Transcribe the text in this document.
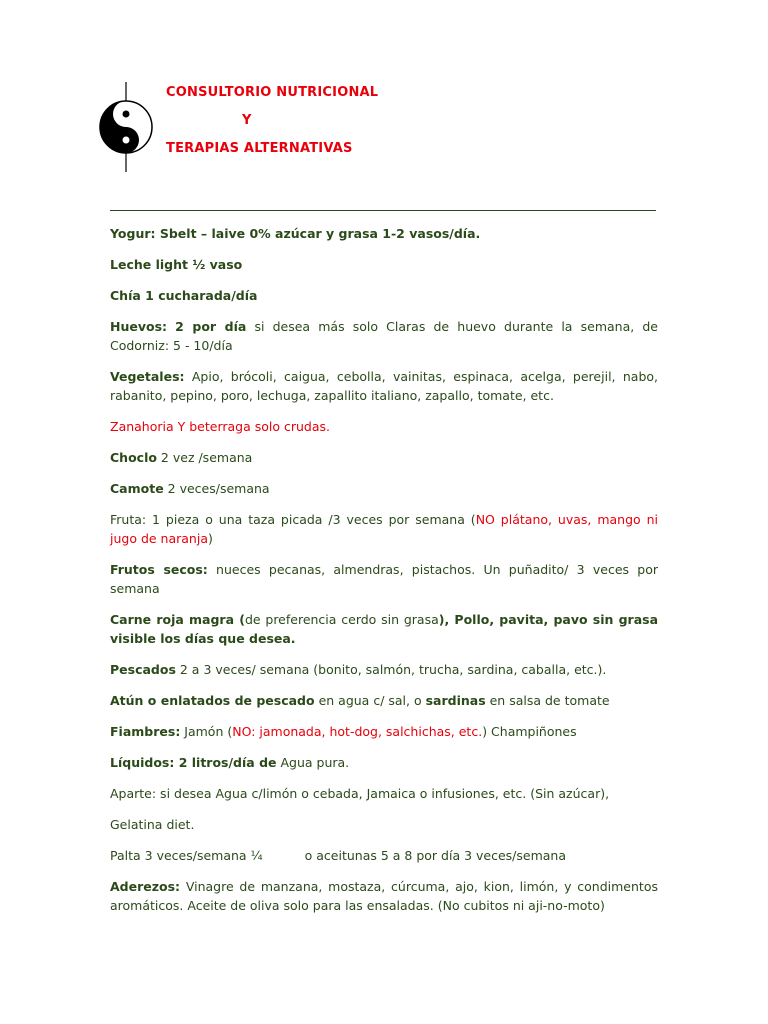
CONSULTORIO NUTRICIONAL
Y
TERAPIAS ALTERNATIVAS

Yogur: Sbelt – laive 0% azúcar y grasa 1-2 vasos/día.

Leche light ½ vaso

Chía 1 cucharada/día

Huevos: 2 por día si desea más solo Claras de huevo durante la semana, de Codorniz: 5 - 10/día

Vegetales: Apio, brócoli, caigua, cebolla, vainitas, espinaca, acelga, perejil, nabo, rabanito, pepino, poro, lechuga, zapallito italiano, zapallo, tomate, etc.

Zanahoria Y beterraga solo crudas.

Choclo 2 vez /semana

Camote 2 veces/semana

Fruta: 1 pieza o una taza picada /3 veces por semana (NO plátano, uvas, mango ni jugo de naranja)

Frutos secos: nueces pecanas, almendras, pistachos. Un puñadito/ 3 veces por semana

Carne roja magra (de preferencia cerdo sin grasa), Pollo, pavita, pavo sin grasa visible los días que desea.

Pescados 2 a 3 veces/ semana (bonito, salmón, trucha, sardina, caballa, etc.).

Atún o enlatados de pescado en agua c/ sal, o sardinas en salsa de tomate

Fiambres: Jamón (NO: jamonada, hot-dog, salchichas, etc.) Champiñones

Líquidos: 2 litros/día de Agua pura.

Aparte: si desea Agua c/limón o cebada, Jamaica o infusiones, etc. (Sin azúcar),

Gelatina diet.

Palta 3 veces/semana ¼	o aceitunas 5 a 8 por día 3 veces/semana

Aderezos: Vinagre de manzana, mostaza, cúrcuma, ajo, kion, limón, y condimentos aromáticos. Aceite de oliva solo para las ensaladas. (No cubitos ni aji-no-moto)
